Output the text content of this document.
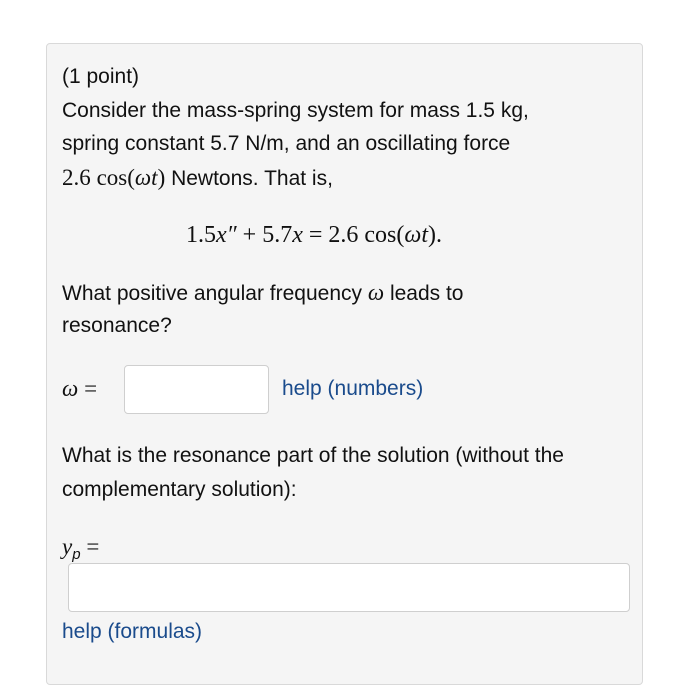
(1 point)
Consider the mass-spring system for mass 1.5 kg,
spring constant 5.7 N/m, and an oscillating force
2.6 cos(ωt) Newtons. That is,
1.5x″ + 5.7x = 2.6 cos(ωt).
What positive angular frequency ω leads to
resonance?
ω =	help (numbers)
What is the resonance part of the solution (without the
complementary solution):
$y_p$ =
help (formulas)
